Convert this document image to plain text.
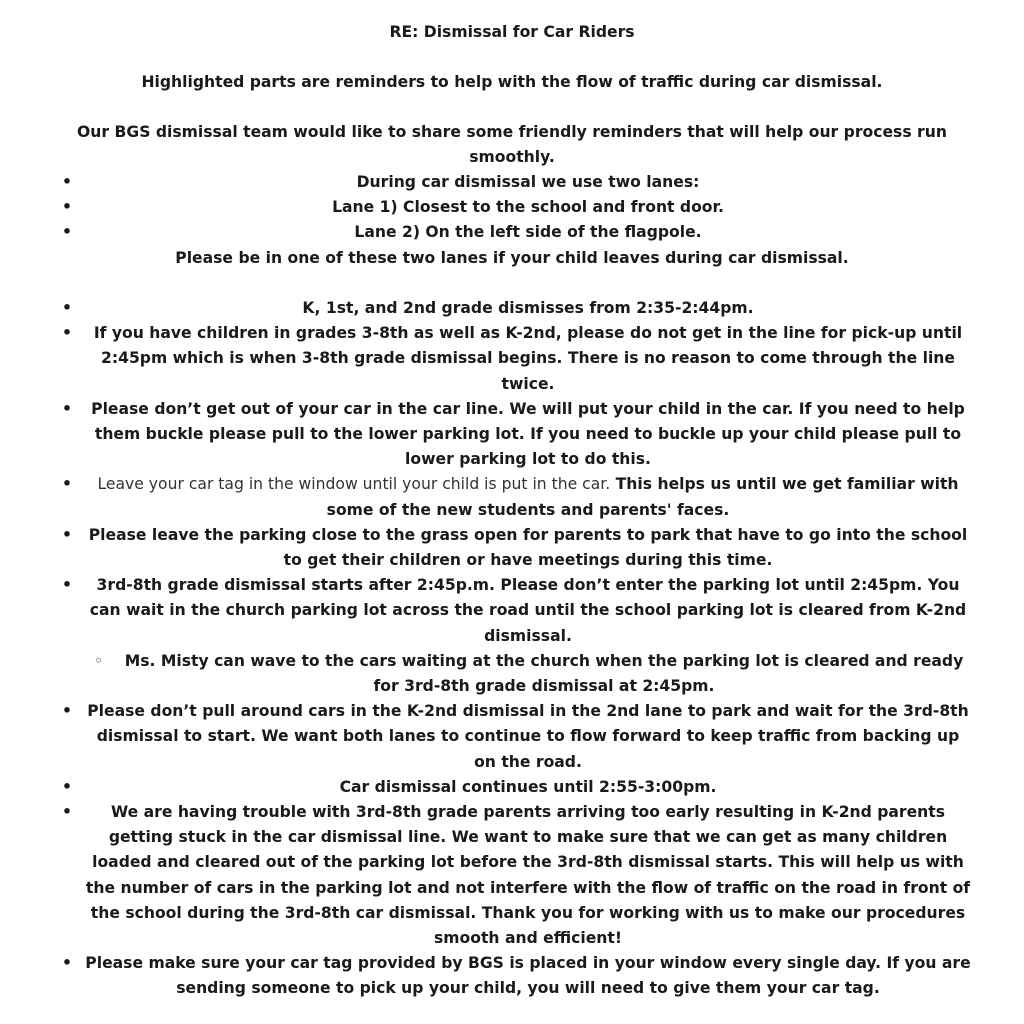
RE: Dismissal for Car Riders
Highlighted parts are reminders to help with the flow of traffic during car dismissal.
Our BGS dismissal team would like to share some friendly reminders that will help our process run smoothly.
• During car dismissal we use two lanes:
• Lane 1) Closest to the school and front door.
• Lane 2) On the left side of the flagpole.
Please be in one of these two lanes if your child leaves during car dismissal.
• K, 1st, and 2nd grade dismisses from 2:35-2:44pm.
• If you have children in grades 3-8th as well as K-2nd, please do not get in the line for pick-up until 2:45pm which is when 3-8th grade dismissal begins. There is no reason to come through the line twice.
• Please don’t get out of your car in the car line. We will put your child in the car. If you need to help them buckle please pull to the lower parking lot. If you need to buckle up your child please pull to lower parking lot to do this.
• Leave your car tag in the window until your child is put in the car. This helps us until we get familiar with some of the new students and parents' faces.
• Please leave the parking close to the grass open for parents to park that have to go into the school to get their children or have meetings during this time.
• 3rd-8th grade dismissal starts after 2:45p.m. Please don’t enter the parking lot until 2:45pm. You can wait in the church parking lot across the road until the school parking lot is cleared from K-2nd dismissal.
◦ Ms. Misty can wave to the cars waiting at the church when the parking lot is cleared and ready for 3rd-8th grade dismissal at 2:45pm.
• Please don’t pull around cars in the K-2nd dismissal in the 2nd lane to park and wait for the 3rd-8th dismissal to start. We want both lanes to continue to flow forward to keep traffic from backing up on the road.
• Car dismissal continues until 2:55-3:00pm.
• We are having trouble with 3rd-8th grade parents arriving too early resulting in K-2nd parents getting stuck in the car dismissal line. We want to make sure that we can get as many children loaded and cleared out of the parking lot before the 3rd-8th dismissal starts. This will help us with the number of cars in the parking lot and not interfere with the flow of traffic on the road in front of the school during the 3rd-8th car dismissal. Thank you for working with us to make our procedures smooth and efficient!
• Please make sure your car tag provided by BGS is placed in your window every single day. If you are sending someone to pick up your child, you will need to give them your car tag.
